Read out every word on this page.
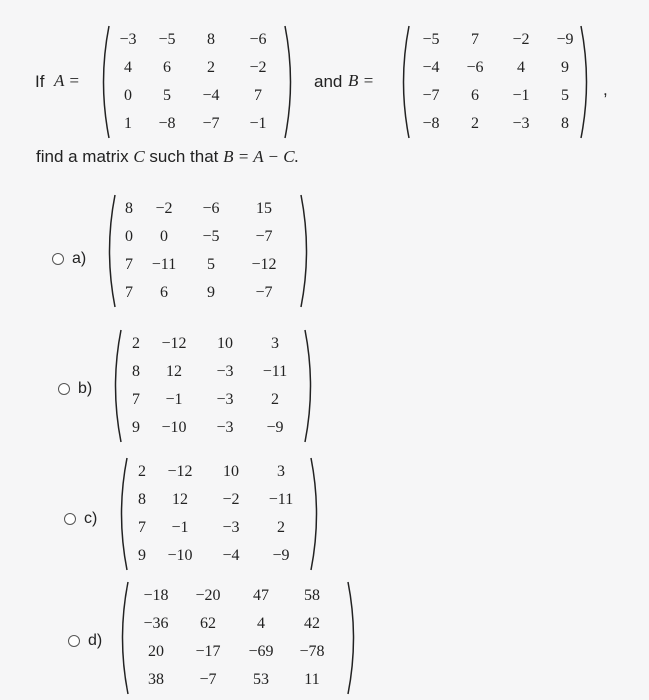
If A =
−3	−5	8	−6
4	6	2	−2
0	5	−4	7
1	−8	−7	−1
and B =
−5	7	−2	−9
−4	−6	4	9
−7	6	−1	5
−8	2	−3	8
,
find a matrix C such that B = A − C.
a)
8	−2	−6	15
0	0	−5	−7
7	−11	5	−12
7	6	9	−7
b)
2	−12	10	3
8	12	−3	−11
7	−1	−3	2
9	−10	−3	−9
c)
2	−12	10	3
8	12	−2	−11
7	−1	−3	2
9	−10	−4	−9
d)
−18	−20	47	58
−36	62	4	42
20	−17	−69	−78
38	−7	53	11
